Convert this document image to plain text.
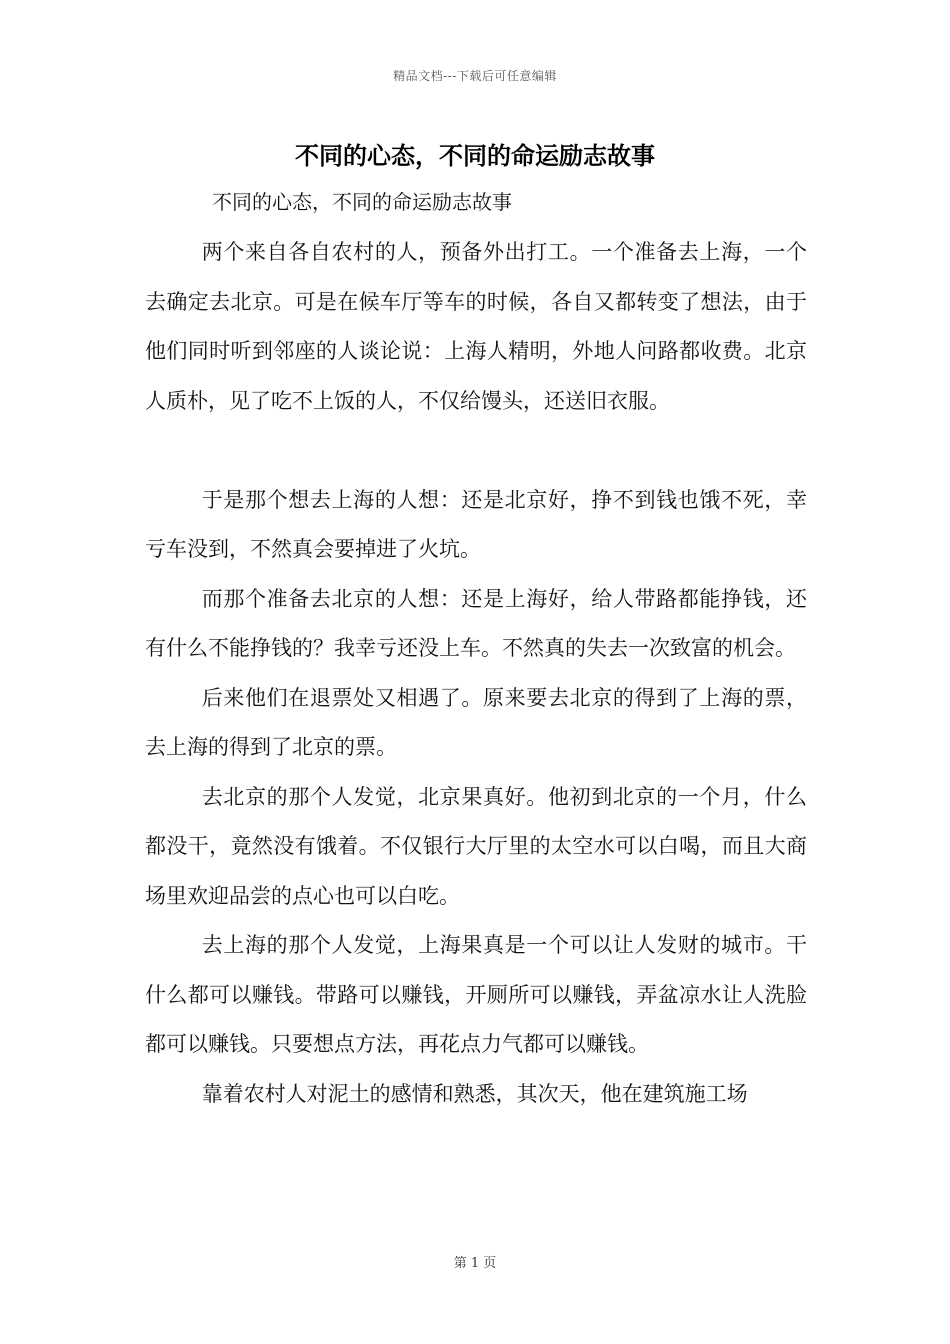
精品文档---下载后可任意编辑
不同的心态，不同的命运励志故事
不同的心态，不同的命运励志故事

两个来自各自农村的人，预备外出打工。一个准备去上海，一个去确定去北京。可是在候车厅等车的时候，各自又都转变了想法，由于他们同时听到邻座的人谈论说：上海人精明，外地人问路都收费。北京人质朴，见了吃不上饭的人，不仅给馒头，还送旧衣服。

于是那个想去上海的人想：还是北京好，挣不到钱也饿不死，幸亏车没到，不然真会要掉进了火坑。

而那个准备去北京的人想：还是上海好，给人带路都能挣钱，还有什么不能挣钱的？我幸亏还没上车。不然真的失去一次致富的机会。

后来他们在退票处又相遇了。原来要去北京的得到了上海的票，去上海的得到了北京的票。

去北京的那个人发觉，北京果真好。他初到北京的一个月，什么都没干，竟然没有饿着。不仅银行大厅里的太空水可以白喝，而且大商场里欢迎品尝的点心也可以白吃。

去上海的那个人发觉，上海果真是一个可以让人发财的城市。干什么都可以赚钱。带路可以赚钱，开厕所可以赚钱，弄盆凉水让人洗脸都可以赚钱。只要想点方法，再花点力气都可以赚钱。

靠着农村人对泥土的感情和熟悉，其次天，他在建筑施工场

第 1 页
